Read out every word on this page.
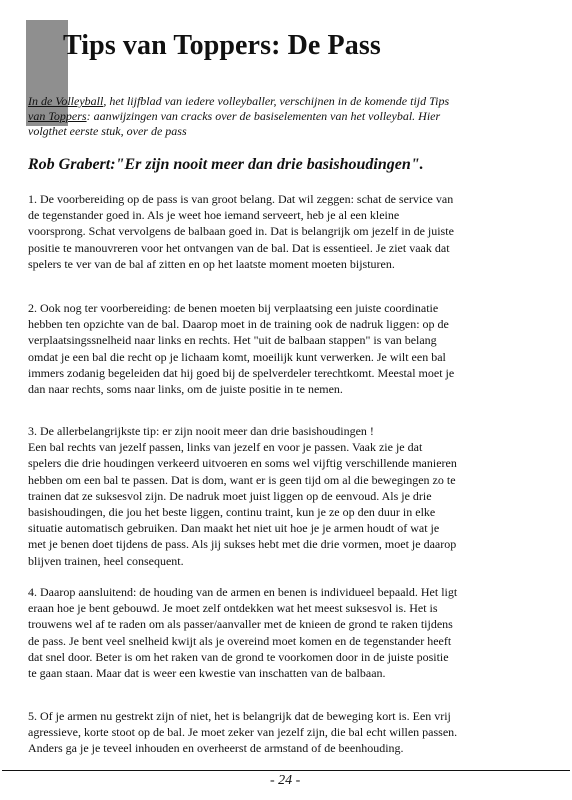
Tips van Toppers: De Pass

In de Volleyball, het lijfblad van iedere volleyballer, verschijnen in de komende tijd Tips
van Toppers: aanwijzingen van cracks over de basiselementen van het volleybal. Hier
volgthet eerste stuk, over de pass

Rob Grabert:"Er zijn nooit meer dan drie basishoudingen".

1. De voorbereiding op de pass is van groot belang. Dat wil zeggen: schat de service van
de tegenstander goed in. Als je weet hoe iemand serveert, heb je al een kleine
voorsprong. Schat vervolgens de balbaan goed in. Dat is belangrijk om jezelf in de juiste
positie te manouvreren voor het ontvangen van de bal. Dat is essentieel. Je ziet vaak dat
spelers te ver van de bal af zitten en op het laatste moment moeten bijsturen.

2. Ook nog ter voorbereiding: de benen moeten bij verplaatsing een juiste coordinatie
hebben ten opzichte van de bal. Daarop moet in de training ook de nadruk liggen: op de
verplaatsingssnelheid naar links en rechts. Het "uit de balbaan stappen" is van belang
omdat je een bal die recht op je lichaam komt, moeilijk kunt verwerken. Je wilt een bal
immers zodanig begeleiden dat hij goed bij de spelverdeler terechtkomt. Meestal moet je
dan naar rechts, soms naar links, om de juiste positie in te nemen.

3. De allerbelangrijkste tip: er zijn nooit meer dan drie basishoudingen !
Een bal rechts van jezelf passen, links van jezelf en voor je passen. Vaak zie je dat
spelers die drie houdingen verkeerd uitvoeren en soms wel vijftig verschillende manieren
hebben om een bal te passen. Dat is dom, want er is geen tijd om al die bewegingen zo te
trainen dat ze suksesvol zijn. De nadruk moet juist liggen op de eenvoud. Als je drie
basishoudingen, die jou het beste liggen, continu traint, kun je ze op den duur in elke
situatie automatisch gebruiken. Dan maakt het niet uit hoe je je armen houdt of wat je
met je benen doet tijdens de pass. Als jij sukses hebt met die drie vormen, moet je daarop
blijven trainen, heel consequent.

4. Daarop aansluitend: de houding van de armen en benen is individueel bepaald. Het ligt
eraan hoe je bent gebouwd. Je moet zelf ontdekken wat het meest suksesvol is. Het is
trouwens wel af te raden om als passer/aanvaller met de knieen de grond te raken tijdens
de pass. Je bent veel snelheid kwijt als je overeind moet komen en de tegenstander heeft
dat snel door. Beter is om het raken van de grond te voorkomen door in de juiste positie
te gaan staan. Maar dat is weer een kwestie van inschatten van de balbaan.

5. Of je armen nu gestrekt zijn of niet, het is belangrijk dat de beweging kort is. Een vrij
agressieve, korte stoot op de bal. Je moet zeker van jezelf zijn, die bal echt willen passen.
Anders ga je je teveel inhouden en overheerst de armstand of de beenhouding.

- 24 -
